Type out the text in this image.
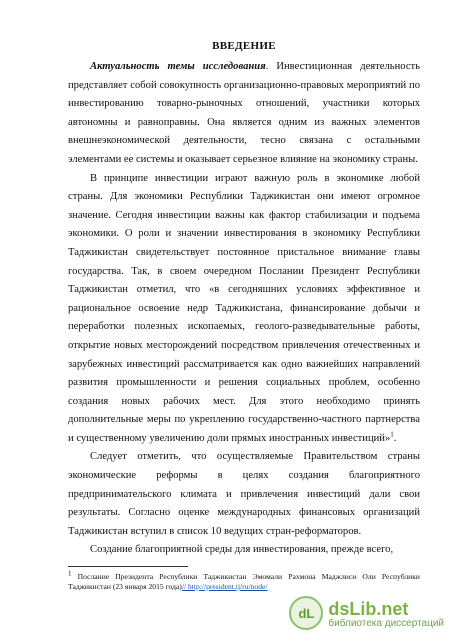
ВВЕДЕНИЕ

Актуальность темы исследования. Инвестиционная деятельность представляет собой совокупность организационно-правовых мероприятий по инвестированию товарно-рыночных отношений, участники которых автономны и равноправны. Она является одним из важных элементов внешнеэкономической деятельности, тесно связана с остальными элементами ее системы и оказывает серьезное влияние на экономику страны.

В принципе инвестиции играют важную роль в экономике любой страны. Для экономики Республики Таджикистан они имеют огромное значение. Сегодня инвестиции важны как фактор стабилизации и подъема экономики. О роли и значении инвестирования в экономику Республики Таджикистан свидетельствует постоянное пристальное внимание главы государства. Так, в своем очередном Послании Президент Республики Таджикистан отметил, что «в сегодняшних условиях эффективное и рациональное освоение недр Таджикистана, финансирование добычи и переработки полезных ископаемых, геолого-разведывательные работы, открытие новых месторождений посредством привлечения отечественных и зарубежных инвестиций рассматривается как одно важнейших направлений развития промышленности и решения социальных проблем, особенно создания новых рабочих мест. Для этого необходимо принять дополнительные меры по укреплению государственно-частного партнерства и существенному увеличению доли прямых иностранных инвестиций»$^1$.

Следует отметить, что осуществляемые Правительством страны экономические реформы в целях создания благоприятного предпринимательского климата и привлечения инвестиций дали свои результаты. Согласно оценке международных финансовых организаций Таджикистан вступил в список 10 ведущих стран-реформаторов.

Создание благоприятной среды для инвестирования, прежде всего,

$^1$ Послание Президента Республики Таджикистан Эмомали Рахмона Маджлиси Оли Республики Таджикистан (23 января 2015 года)// http://president.tj/ru/node/
dL dsLib.net
библиотека диссертаций
